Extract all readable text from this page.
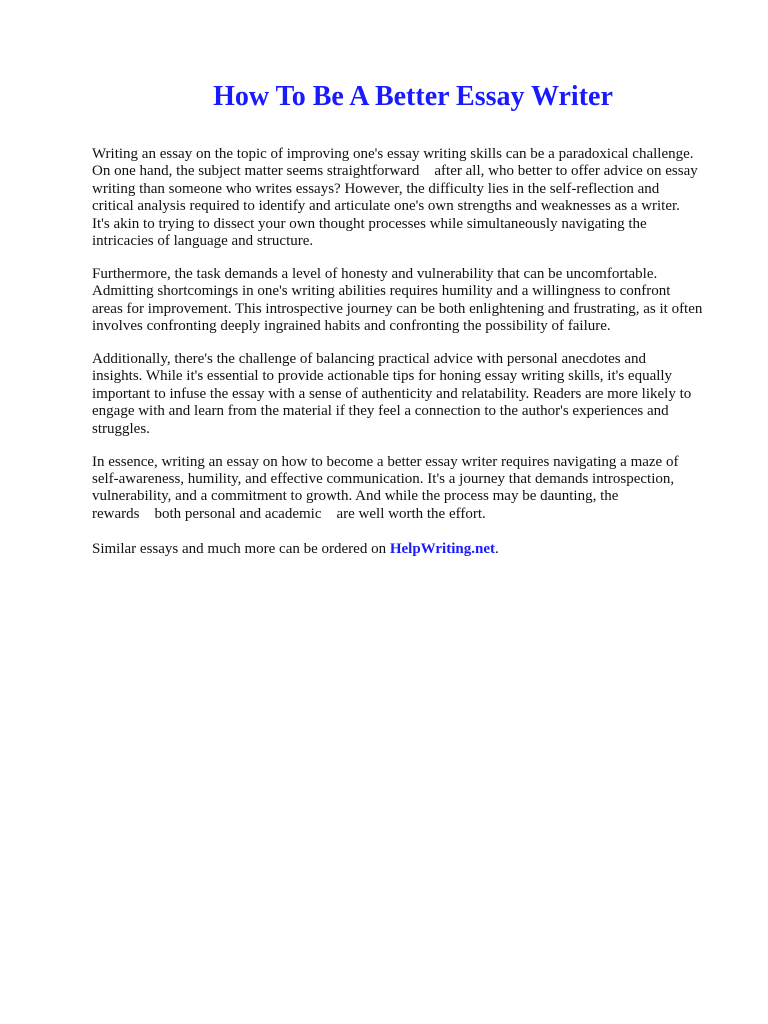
How To Be A Better Essay Writer
Writing an essay on the topic of improving one's essay writing skills can be a paradoxical challenge.
On one hand, the subject matter seems straightforward    after all, who better to offer advice on essay
writing than someone who writes essays? However, the difficulty lies in the self-reflection and
critical analysis required to identify and articulate one's own strengths and weaknesses as a writer.
It's akin to trying to dissect your own thought processes while simultaneously navigating the
intricacies of language and structure.
Furthermore, the task demands a level of honesty and vulnerability that can be uncomfortable.
Admitting shortcomings in one's writing abilities requires humility and a willingness to confront
areas for improvement. This introspective journey can be both enlightening and frustrating, as it often
involves confronting deeply ingrained habits and confronting the possibility of failure.
Additionally, there's the challenge of balancing practical advice with personal anecdotes and
insights. While it's essential to provide actionable tips for honing essay writing skills, it's equally
important to infuse the essay with a sense of authenticity and relatability. Readers are more likely to
engage with and learn from the material if they feel a connection to the author's experiences and
struggles.
In essence, writing an essay on how to become a better essay writer requires navigating a maze of
self-awareness, humility, and effective communication. It's a journey that demands introspection,
vulnerability, and a commitment to growth. And while the process may be daunting, the
rewards    both personal and academic    are well worth the effort.
Similar essays and much more can be ordered on HelpWriting.net.
